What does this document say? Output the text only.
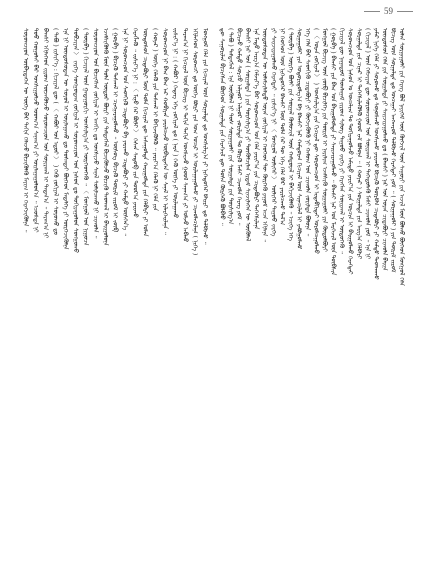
59
ᠮᠣᠩᠭᠣᠯ ᠬᠡᠯᠡ ᠶᠢᠨ ᠬᠢᠴᠢᠶᠡᠯ ᠦᠨ ᠰᠤᠷᠭᠠᠯᠲᠠ ᠳᠤ ᠤᠩᠰᠢᠯᠭ᠎ᠠ ᠶᠢ ᠨᠢᠭᠡᠳᠦᠭᠡᠷ ᠪᠠᠢᠷᠢ ᠳᠤ ᠲᠠᠯᠪᠢᠬᠤ ᠃
ᠡᠬᠢᠯᠡᠭᠡᠳ ᠰᠤᠷᠤᠭᠴᠢ ᠳᠤ ᠦᠭᠡ ᠪᠦᠷᠢ ᠶᠢᠨ ᠤᠭ ᠤᠴᠢᠷ ᠢ ᠣᠢᠯᠠᠭᠠᠭᠤᠯᠬᠤ ᠶᠢ ᠴᠢᠬᠤᠯᠠᠴᠢᠯᠠᠨᠠ ( ᠨᠢᠭᠡ )
ᠳᠠᠷᠠᠭ᠎ᠠ ᠨᠢ ᠬᠢᠴᠢᠶᠡᠯ ᠦᠨ ᠪᠢᠴᠢᠭ ᠢ ᠳᠠᠬᠢᠨ ᠳᠠᠬᠢᠨ ᠤᠩᠰᠢᠵᠤ ᠭᠣᠣᠯ ᠰᠠᠨᠠᠭ᠎ᠠ ᠶᠢ ᠣᠯᠵᠤ ᠠᠪᠬᠤ
ᠵᠢᠱᠢᠶ᠎ᠡ ᠨᠢ : ( ᠬᠠᠪᠤᠷ ) ᠭᠡᠳᠡᠭ ᠡᠬᠡ ᠵᠣᠬᠢᠶᠠᠯ ᠳᠤ ( ᠨᠠᠷᠠ ) ᠭᠡᠬᠦ ᠦᠭᠡ ᠶᠢ ᠣᠢᠯᠠᠭᠠᠬᠤ
ᠰᠤᠷᠤᠭᠴᠢᠳ ᠨᠢ ᠪᠠᠭ ᠪᠠᠭ ᠠᠷ ᠬᠤᠪᠢᠶᠠᠨ ᠶᠠᠷᠢᠯᠴᠠᠵᠤ ᠥᠪᠡᠷᠲᠡᠭᠡᠨ ᠦ ᠰᠠᠨᠠᠯ ᠢ ᠢᠯᠡᠷᠬᠡᠢᠯᠡᠨᠡ ᠃
( ᠬᠣᠶᠠᠷ ) ᠦᠭᠡ ᠬᠡᠯᠡᠬᠦ ᠶᠢᠨ ᠳᠠᠰᠬᠠᠯ ᠢ ᠪᠡᠬᠢᠵᠢᠭᠦᠯᠬᠦ ᠃ ᠶᠠᠷᠢᠶ᠎ᠠ ᠬᠡᠯᠡᠬᠦ ᠨᠢ ᠬᠡᠯᠡ ᠶᠢᠨ
ᠦᠨᠳᠦᠰᠦᠨ ᠴᠢᠳᠠᠪᠤᠷᠢ ᠮᠥᠨ ᠲᠤᠯᠠ ᠬᠢᠴᠢᠶᠡᠯ ᠳᠦ ᠠᠰᠠᠭᠤᠯᠲᠠ ᠬᠠᠷᠢᠭᠤᠯᠲᠠ ᠶᠢᠨ ᠬᠡᠯᠪᠡᠷᠢ ᠶᠢ ᠣᠯᠠᠨ
ᠬᠡᠷᠡᠭᠯᠡᠬᠦ ᠃ ᠵᠢᠱᠢᠶ᠎ᠡ ᠨᠢ : 〈 ᠮᠢᠨᠤ ᠭᠡᠷ ᠪᠦᠯᠢ 〉 ᠭᠡᠰᠡᠨ ᠰᠡᠳᠦᠪ ᠵᠢᠨ ᠳᠣᠣᠷ᠎ᠠ ᠶᠠᠷᠢᠬᠤ
ᠡᠨᠡ ᠨᠢ ᠰᠤᠷᠤᠭᠴᠢᠳ ᠤᠨ ᠰᠡᠳᠬᠢᠬᠦ ᠴᠢᠳᠠᠪᠤᠷᠢ ᠪᠠ ᠶᠠᠷᠢᠬᠤ ᠴᠢᠳᠠᠪᠤᠷᠢ ᠶᠢ ᠬᠠᠮᠲᠤ ᠥᠰᠬᠡᠨ᠎ᠡ ᠃
( ᠭᠤᠷᠪᠠ ) ᠪᠢᠴᠢᠬᠦ ᠳᠠᠰᠬᠠᠯ ᠢ ᠴᠢᠩᠭᠠᠷᠠᠭᠤᠯᠬᠤ ᠃ ᠦᠰᠦᠭ ᠪᠢᠴᠢᠬᠦ ᠳᠦᠷᠢᠮ ᠵᠢᠷᠤᠮ ᠢ ᠵᠥᠪ
ᠡᠵᠡᠮᠰᠢᠭᠦᠯᠬᠦ ᠮᠥᠨ ᠲᠤᠯᠠ ᠥᠳᠦᠷ ᠪᠦᠷᠢ ᠶᠢᠨ ᠲᠡᠮᠳᠡᠭᠯᠡᠯ ᠪᠢᠴᠢᠭᠦᠯᠵᠦ ᠪᠢᠴᠢᠬᠦ ᠳᠠᠳᠬᠠᠯ ᠢ ᠪᠠᠢᠭᠤᠯᠤᠨᠠ
ᠰᠤᠷᠤᠭᠴᠢᠳ ᠤᠨ ᠪᠢᠴᠢᠭᠰᠡᠨ ᠵᠣᠬᠢᠶᠠᠯ ᠢ ᠠᠩᠭᠢ ᠳᠤ ᠤᠩᠰᠢᠵᠤ ᠰᠠᠨᠠᠯ ᠰᠣᠯᠢᠯᠴᠠᠬᠤ ᠨᠢ ᠴᠢᠬᠤᠯᠠ ᠃
( ᠳᠥᠷᠪᠡ ) ᠬᠢᠴᠢᠶᠡᠯ ᠦᠨ ᠭᠠᠳᠠᠭᠤᠷᠬᠢ ᠤᠩᠰᠢᠯᠭ᠎ᠠ ᠶᠢ ᠥᠷᠭᠡᠳᠬᠡᠬᠦ ᠃ 〈 ᠮᠣᠩᠭᠣᠯ ᠤᠨ ᠨᠢᠭᠤᠴᠠ
ᠲᠣᠪᠴᠢᠶᠠᠨ 〉 ᠵᠡᠷᠭᠡ ᠰᠣᠩᠭᠣᠳᠠᠭ ᠵᠣᠬᠢᠶᠠᠯ ᠢ ᠰᠤᠷᠤᠭᠴᠢᠳ ᠤᠨ ᠨᠠᠰᠤᠨ ᠳᠤ ᠲᠣᠬᠢᠷᠠᠭᠤᠯᠤᠨ ᠰᠣᠩᠭᠣᠬᠤ
ᠡᠨᠡ ᠨᠢ ᠦᠨᠳᠦᠰᠦᠲᠡᠨ ᠦ ᠰᠣᠶᠤᠯ ᠢ ᠣᠢᠯᠠᠭᠠᠬᠤ ᠳᠤ ᠲᠤᠰᠠᠲᠠᠢ ᠪᠥᠭᠡᠳ ᠮᠡᠳᠡᠯᠭᠡ ᠶᠢ ᠥᠷᠭᠡᠵᠢᠭᠦᠯᠨᠡ
( ᠲᠠᠪᠤ ) ᠵᠢᠱᠢᠶ᠎ᠡ : ᠬᠢᠴᠢᠶᠡᠯ ᠳᠦ ( 〈 ᠬᠠᠪᠤᠷ ᠤᠨ ᠡᠳᠦᠷ 〉 ) ᠭᠡᠬᠦ ᠵᠣᠬᠢᠶᠠᠯ ᠢ ᠰᠤᠷᠤᠬᠤ ᠳᠤ
ᠪᠠᠭᠰᠢ ᠡᠬᠢᠯᠡᠭᠡᠳ ᠵᠢᠷᠤᠭ ᠦᠵᠡᠭᠦᠯᠵᠦ ᠰᠤᠷᠤᠭᠴᠢᠳ ᠤᠨ ᠰᠣᠨᠢᠷᠬᠠᠯ ᠢ ᠲᠠᠲᠠᠨ᠎ᠠ ᠃ ᠳᠠᠷᠠᠭ᠎ᠠ ᠨᠢ
ᠳᠤᠤ ᠬᠣᠭᠣᠯᠠᠢ ᠪᠡᠷ ᠤᠩᠰᠢᠭᠤᠯᠵᠤ ᠤᠳᠬ᠎ᠠ ᠰᠠᠨᠠᠭ᠎ᠠ ᠶᠢ ᠣᠢᠯᠠᠭᠠᠭᠤᠯᠤᠨ᠎ᠠ ᠃ ᠡᠴᠦᠰᠲᠡ ᠨᠢ
ᠰᠤᠷᠤᠭᠴᠢᠳ ᠥᠪᠡᠷᠲᠡᠭᠡᠨ ᠦ ᠦᠭᠡ ᠪᠡᠷ ᠳᠠᠬᠢᠨ ᠬᠡᠯᠡᠵᠦ ᠪᠢᠴᠢᠭᠦᠯᠬᠦ ᠮᠠᠶᠢᠭ ᠢ ᠬᠡᠷᠡᠭᠵᠢᠭᠦᠯᠨᠡ ᠃	ᠣᠯᠠᠨ ᠰᠤᠷᠭᠠᠭᠤᠯᠢ ᠶᠢᠨ ᠬᠡᠷᠡᠭ ᠪᠣᠯ ᠨᠡᠶᠢᠭᠡᠮ ᠦᠨ ᠬᠥᠭᠵᠢᠯ ᠦᠨ ᠰᠠᠭᠤᠷᠢ ᠶᠢᠨ ᠠᠵᠢᠯ ᠮᠥᠨ ᠪᠣᠯᠬᠣ ᠪᠥᠭᠡᠳ ᠮᠣᠩᠭᠣᠯ ᠬᠡᠯᠡ
ᠪᠢᠴᠢᠭ ᠦᠨ ᠰᠤᠷᠭᠠᠯᠲᠠ ᠳᠤ ᠣᠨᠴᠠᠭᠠᠢ ᠠᠩᠬᠠᠷᠤᠯ ᠲᠠᠯᠪᠢᠬᠤ ᠬᠡᠷᠡᠭᠲᠡᠢ ᠶᠤᠮ ᠃ ( ᠰᠤᠷᠭᠠᠭᠤᠯᠢ ) ᠶᠢᠨ ᠳᠦᠷᠢᠮ ᠵᠢᠷᠤᠮ
ᠦᠨᠳᠦᠰᠦᠨ ᠬᠡᠯᠡ ᠶᠢᠨ ᠰᠤᠷᠭᠠᠯᠲᠠ ᠶᠢ ᠰᠠᠢᠵᠢᠷᠠᠭᠤᠯᠬᠤ ᠳᠤ ( ᠪᠠᠭᠰᠢ ) ᠨᠠᠷ ᠤᠨ ᠤᠷᠠᠨ ᠴᠢᠳᠠᠪᠤᠷᠢ ᠴᠢᠬᠤᠯᠠ ᠪᠠᠢᠨᠠ
ᠶᠠᠮᠠᠷ ᠨᠢᠭᠡ ᠬᠡᠯᠡ ᠶᠢ ᠰᠤᠷᠤᠬᠤ ᠳᠤ ᠰᠤᠨᠣᠰᠬᠤ ᠤᠩᠰᠢᠬᠤ ᠶᠠᠷᠢᠬᠤ ᠪᠢᠴᠢᠬᠦ ᠳᠥᠷᠪᠡᠨ ᠴᠢᠳᠠᠪᠤᠷᠢ ᠶᠢ ᠬᠠᠮᠲᠤ ᠳᠠᠳᠬᠠᠬᠤ
( ᠬᠢᠴᠢᠶᠡᠯ ) ᠦᠨ ᠬᠡᠮᠵᠢᠶᠡᠨ ᠳᠦ ᠰᠤᠷᠤᠭᠴᠢᠳ ᠤᠨ ᠰᠣᠨᠢᠷᠬᠠᠯ ᠢ ᠳᠡᠭᠡᠳᠦᠯᠡᠬᠦ ᠮᠠᠰᠢ ᠴᠢᠬᠤᠯᠠ ᠶᠤᠮ ᠃ ᠡᠨᠡ ᠨᠢ
ᠰᠤᠷᠭᠠᠯᠲᠠ ᠶᠢᠨ ᠴᠢᠨᠠᠷ ᠢ ᠳᠡᠭᠡᠭᠰᠢᠯᠡᠭᠦᠯᠬᠦ ᠭᠣᠣᠯ ᠵᠠᠮ ᠪᠣᠯᠤᠨᠠ ᠃ ( ᠬᠣᠶᠠᠷ ) ᠰᠤᠷᠭᠠᠯᠲᠠ ᠶᠢᠨ ᠠᠷᠭ᠎ᠠ ᠬᠡᠯᠪᠡᠷᠢ
ᠰᠤᠷᠤᠭᠴᠢᠳ ᠤᠨ ᠨᠠᠰᠤᠨ ᠤ ᠣᠨᠴᠠᠯᠢᠭ ᠲᠤ ᠲᠣᠬᠢᠷᠠᠭᠤᠯᠵᠤ ᠠᠮᠢᠳᠤ ᠶᠠᠷᠢᠶ᠎ᠠ ᠶᠢᠨ ᠣᠷᠴᠢᠨ ᠢ ᠪᠠᠢᠭᠤᠯᠬᠤ ᠬᠡᠷᠡᠭᠲᠡᠢ
ᠬᠢᠴᠢᠶᠡᠯ ᠳᠦ ᠨᠠᠭᠠᠳᠤᠮ ᠲᠣᠭᠯᠠᠭᠠᠮ ᠵᠢᠷᠤᠭ ᠰᠢᠯᠦᠭ ᠳᠠᠭᠤᠤ ᠵᠡᠷᠭᠡ ᠶᠢ ᠬᠡᠷᠡᠭᠯᠡᠨ ᠰᠣᠨᠢᠷᠬᠠᠯ ᠢ ᠥᠳᠦᠭᠡᠬᠦ ᠃
( ᠭᠤᠷᠪᠠ ) ᠪᠠᠭᠰᠢ ᠶᠢᠨ ᠪᠠᠭ ᠤᠨ ᠪᠠᠢᠭᠤᠯᠤᠯᠲᠠ ᠶᠢ ᠰᠠᠢᠵᠢᠷᠠᠭᠤᠯᠬᠤ ᠃ ᠪᠠᠭᠰᠢ ᠨᠠᠷ ᠤᠨ ᠮᠡᠷᠭᠡᠵᠢᠯ ᠦᠨ ᠲᠦᠪᠰᠢᠨ
ᠮᠣᠩᠭᠣᠯ ᠪᠢᠴᠢᠭ ᠦᠨ ᠵᠥᠪ ᠪᠢᠴᠢᠯᠭᠡ ᠶᠢᠨ ᠳᠦᠷᠢᠮ ᠢ ᠨᠠᠷᠢᠯᠢᠭ ᠡᠵᠡᠮᠰᠢᠬᠦ ᠰᠤᠷᠭᠠᠭᠤᠯᠢ ᠶᠢᠨ ᠬᠥᠲᠦᠯᠪᠦᠷᠢ
( 〈 ᠤᠷᠠᠨ ᠵᠣᠬᠢᠶᠠᠯ 〉 ) ᠤᠩᠰᠢᠯᠭ᠎ᠠ ᠶᠢᠨ ᠬᠢᠴᠢᠶᠡᠯ ᠳᠦ ᠰᠤᠷᠤᠭᠴᠢᠳ ᠢ ᠢᠳᠡᠪᠬᠢᠲᠡᠢ ᠣᠷᠣᠯᠴᠠᠭᠤᠯᠬᠤ
ᠡᠬᠡ ᠬᠡᠯᠡ ᠪᠡᠷ ᠰᠡᠳᠬᠢᠬᠦ ᠴᠢᠳᠠᠪᠤᠷᠢ ᠶᠢ ᠬᠥᠭᠵᠢᠭᠦᠯᠬᠦ ᠨᠢ ᠬᠠᠮᠤᠭ ᠤᠨ ᠴᠢᠬᠤᠯᠠ ᠵᠣᠷᠢᠯᠲᠠ ᠪᠣᠯᠤᠨᠠ ᠃
ᠰᠤᠷᠭᠠᠭᠤᠯᠢ ᠶᠢᠨ ᠤᠳᠤᠷᠢᠳᠤᠯᠭ᠎ᠠ ᠪᠠ ᠪᠠᠭᠰᠢ ᠨᠠᠷ ᠬᠠᠮᠲᠤᠷᠠᠨ ᠬᠢᠴᠢᠶᠡᠯ ᠦᠨ ᠰᠢᠨᠡᠴᠢᠯᠡᠯ ᠢ ᠶᠠᠪᠤᠭᠤᠯᠬᠤ
( ᠳᠥᠷᠪᠡ ) ᠥᠷᠬᠡ ᠪᠦᠯᠢ ᠶᠢᠨ ᠰᠤᠷᠭᠠᠯ ᠬᠥᠮᠦᠵᠢᠯ ᠦᠨ ᠬᠠᠮᠲᠤᠷᠠᠯ ᠢ ᠪᠡᠬᠢᠵᠢᠭᠦᠯᠬᠦ ᠃ ᠡᠴᠢᠭᠡ ᠡᠬᠡ
ᠨᠢ ᠬᠡᠦᠬᠡᠳ ᠦᠨ ᠨᠢᠭᠡᠳᠦᠭᠡᠷ ᠪᠠᠭᠰᠢ ᠮᠥᠨ ᠲᠤᠯᠠ ᠭᠡᠷ ᠲᠦ ᠡᠬᠡ ᠬᠡᠯᠡ ᠪᠡᠷ ᠶᠠᠷᠢᠯᠴᠠᠬᠤ ᠲᠠᠯ᠎ᠠ
ᠶᠢ ᠰᠠᠢᠵᠢᠷᠠᠭᠤᠯᠬᠤ ᠬᠡᠷᠡᠭᠲᠡᠢ ᠃ ᠵᠢᠱᠢᠶ᠎ᠡ ᠨᠢ 〈 ᠮᠣᠩᠭᠣᠯ ᠦᠯᠢᠭᠡᠷ 〉 ᠦᠯᠢᠭᠡᠷ ᠳᠠᠭᠤᠤ ᠵᠡᠷᠭᠡ
ᠦᠨᠳᠦᠰᠦᠲᠡᠨ ᠦ ᠤᠯᠠᠮᠵᠢᠯᠠᠯᠲᠤ ᠤᠷᠠᠨ ᠵᠣᠬᠢᠶᠠᠯ ᠢ ᠬᠡᠦᠬᠡᠳ ᠲᠦ ᠬᠦᠷᠭᠡᠬᠦ ᠶᠠᠭᠤᠮ ᠠᠴᠠ ᠡᠬᠢᠯᠡᠨᠡ ᠃
ᠡᠨᠡ ᠮᠡᠲᠦ ᠠᠷᠭ᠎ᠠ ᠬᠡᠮᠵᠢᠶ᠎ᠡ ᠪᠠᠷ ᠰᠤᠷᠤᠭᠴᠢᠳ ᠤᠨ ᠬᠡᠯᠡ ᠶᠠᠷᠢᠶ᠎ᠠ ᠶᠢᠨ ᠴᠢᠳᠠᠪᠤᠷᠢ ᠳᠡᠭᠡᠭᠰᠢᠯᠡᠨᠡ
ᠪᠠᠭᠰᠢ ᠨᠠᠷ ᠤᠨ ( ᠰᠤᠷᠭᠠᠯᠲᠠ ) ᠶᠢᠨ ᠲᠤᠷᠰᠢᠯᠭ᠎ᠠ ᠶᠢ ᠳᠦᠭᠦᠮᠴᠢᠯᠡᠨ ᠡᠷᠳᠡᠮ ᠰᠢᠨᠵᠢᠯᠡᠭᠡᠨ ᠦ ᠥᠭᠦᠯᠡᠯ
ᠪᠢᠴᠢᠵᠦ ᠬᠠᠮᠲᠤ ᠰᠤᠷᠴᠤ ᠠᠯᠭᠤᠷ ᠠᠯᠭᠤᠷ ᠵᠣᠷᠢᠯᠲᠠ ᠲᠤ ᠬᠦᠷᠬᠦ ᠮᠠᠰᠢ ᠴᠢᠬᠤᠯᠠ ᠬᠡᠷᠡᠭ ᠶᠤᠮ ᠃
( ᠲᠠᠪᠤ ) ᠲᠡᠮᠳᠡᠭᠯᠡᠯ : ᠡᠨᠡ ᠥᠭᠦᠯᠡᠯ ᠨᠢ ᠲᠤᠰ ᠰᠤᠷᠭᠠᠭᠤᠯᠢ ᠶᠢᠨ ᠰᠤᠷᠭᠠᠯᠲᠠ ᠶᠢᠨ ᠲᠤᠷᠰᠢᠯᠭ᠎ᠠ
ᠳᠦ ᠰᠠᠭᠤᠷᠢᠯᠠᠨ ᠪᠢᠴᠢᠭᠰᠡᠨ ᠪᠥᠭᠡᠳ ᠰᠤᠷᠭᠠᠯᠲᠠ ᠶᠢᠨ ᠬᠡᠷᠡᠭᠵᠢᠯ ᠳᠦ ᠲᠤᠰᠠ ᠬᠦᠷᠭᠡᠬᠦ ᠪᠣᠯᠪᠠᠤ ᠃
